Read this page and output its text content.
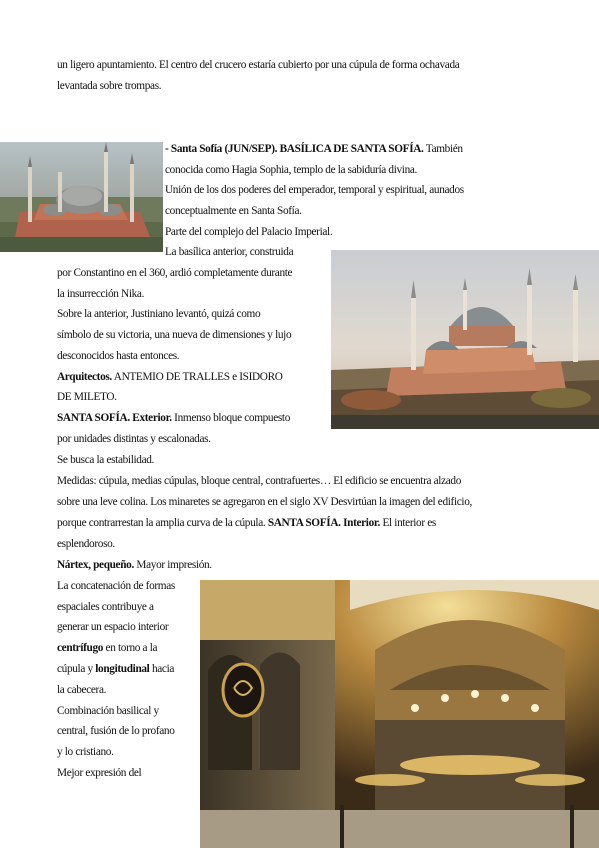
un ligero apuntamiento. El centro del crucero estaría cubierto por una cúpula de forma ochavada
levantada sobre trompas.
- Santa Sofía (JUN/SEP). BASÍLICA DE SANTA SOFÍA. También
conocida como Hagia Sophia, templo de la sabiduría divina.
Unión de los dos poderes del emperador, temporal y espiritual, aunados
conceptualmente en Santa Sofía.
Parte del complejo del Palacio Imperial.
La basílica anterior, construida
por Constantino en el 360, ardió completamente durante
la insurrección Nika.
Sobre la anterior, Justiniano levantó, quizá como
símbolo de su victoria, una nueva de dimensiones y lujo
desconocidos hasta entonces.
Arquitectos. ANTEMIO DE TRALLES e ISIDORO
DE MILETO.
SANTA SOFÍA. Exterior. Inmenso bloque compuesto
por unidades distintas y escalonadas.
Se busca la estabilidad.
Medidas: cúpula, medias cúpulas, bloque central, contrafuertes… El edificio se encuentra alzado
sobre una leve colina. Los minaretes se agregaron en el siglo XV Desvirtúan la imagen del edificio,
porque contrarrestan la amplia curva de la cúpula. SANTA SOFÍA. Interior. El interior es
esplendoroso.
Nártex, pequeño. Mayor impresión.
La concatenación de formas
espaciales contribuye a
generar un espacio interior
centrífugo en torno a la
cúpula y longitudinal hacia
la cabecera.
Combinación basilical y
central, fusión de lo profano
y lo cristiano.
Mejor expresión del
